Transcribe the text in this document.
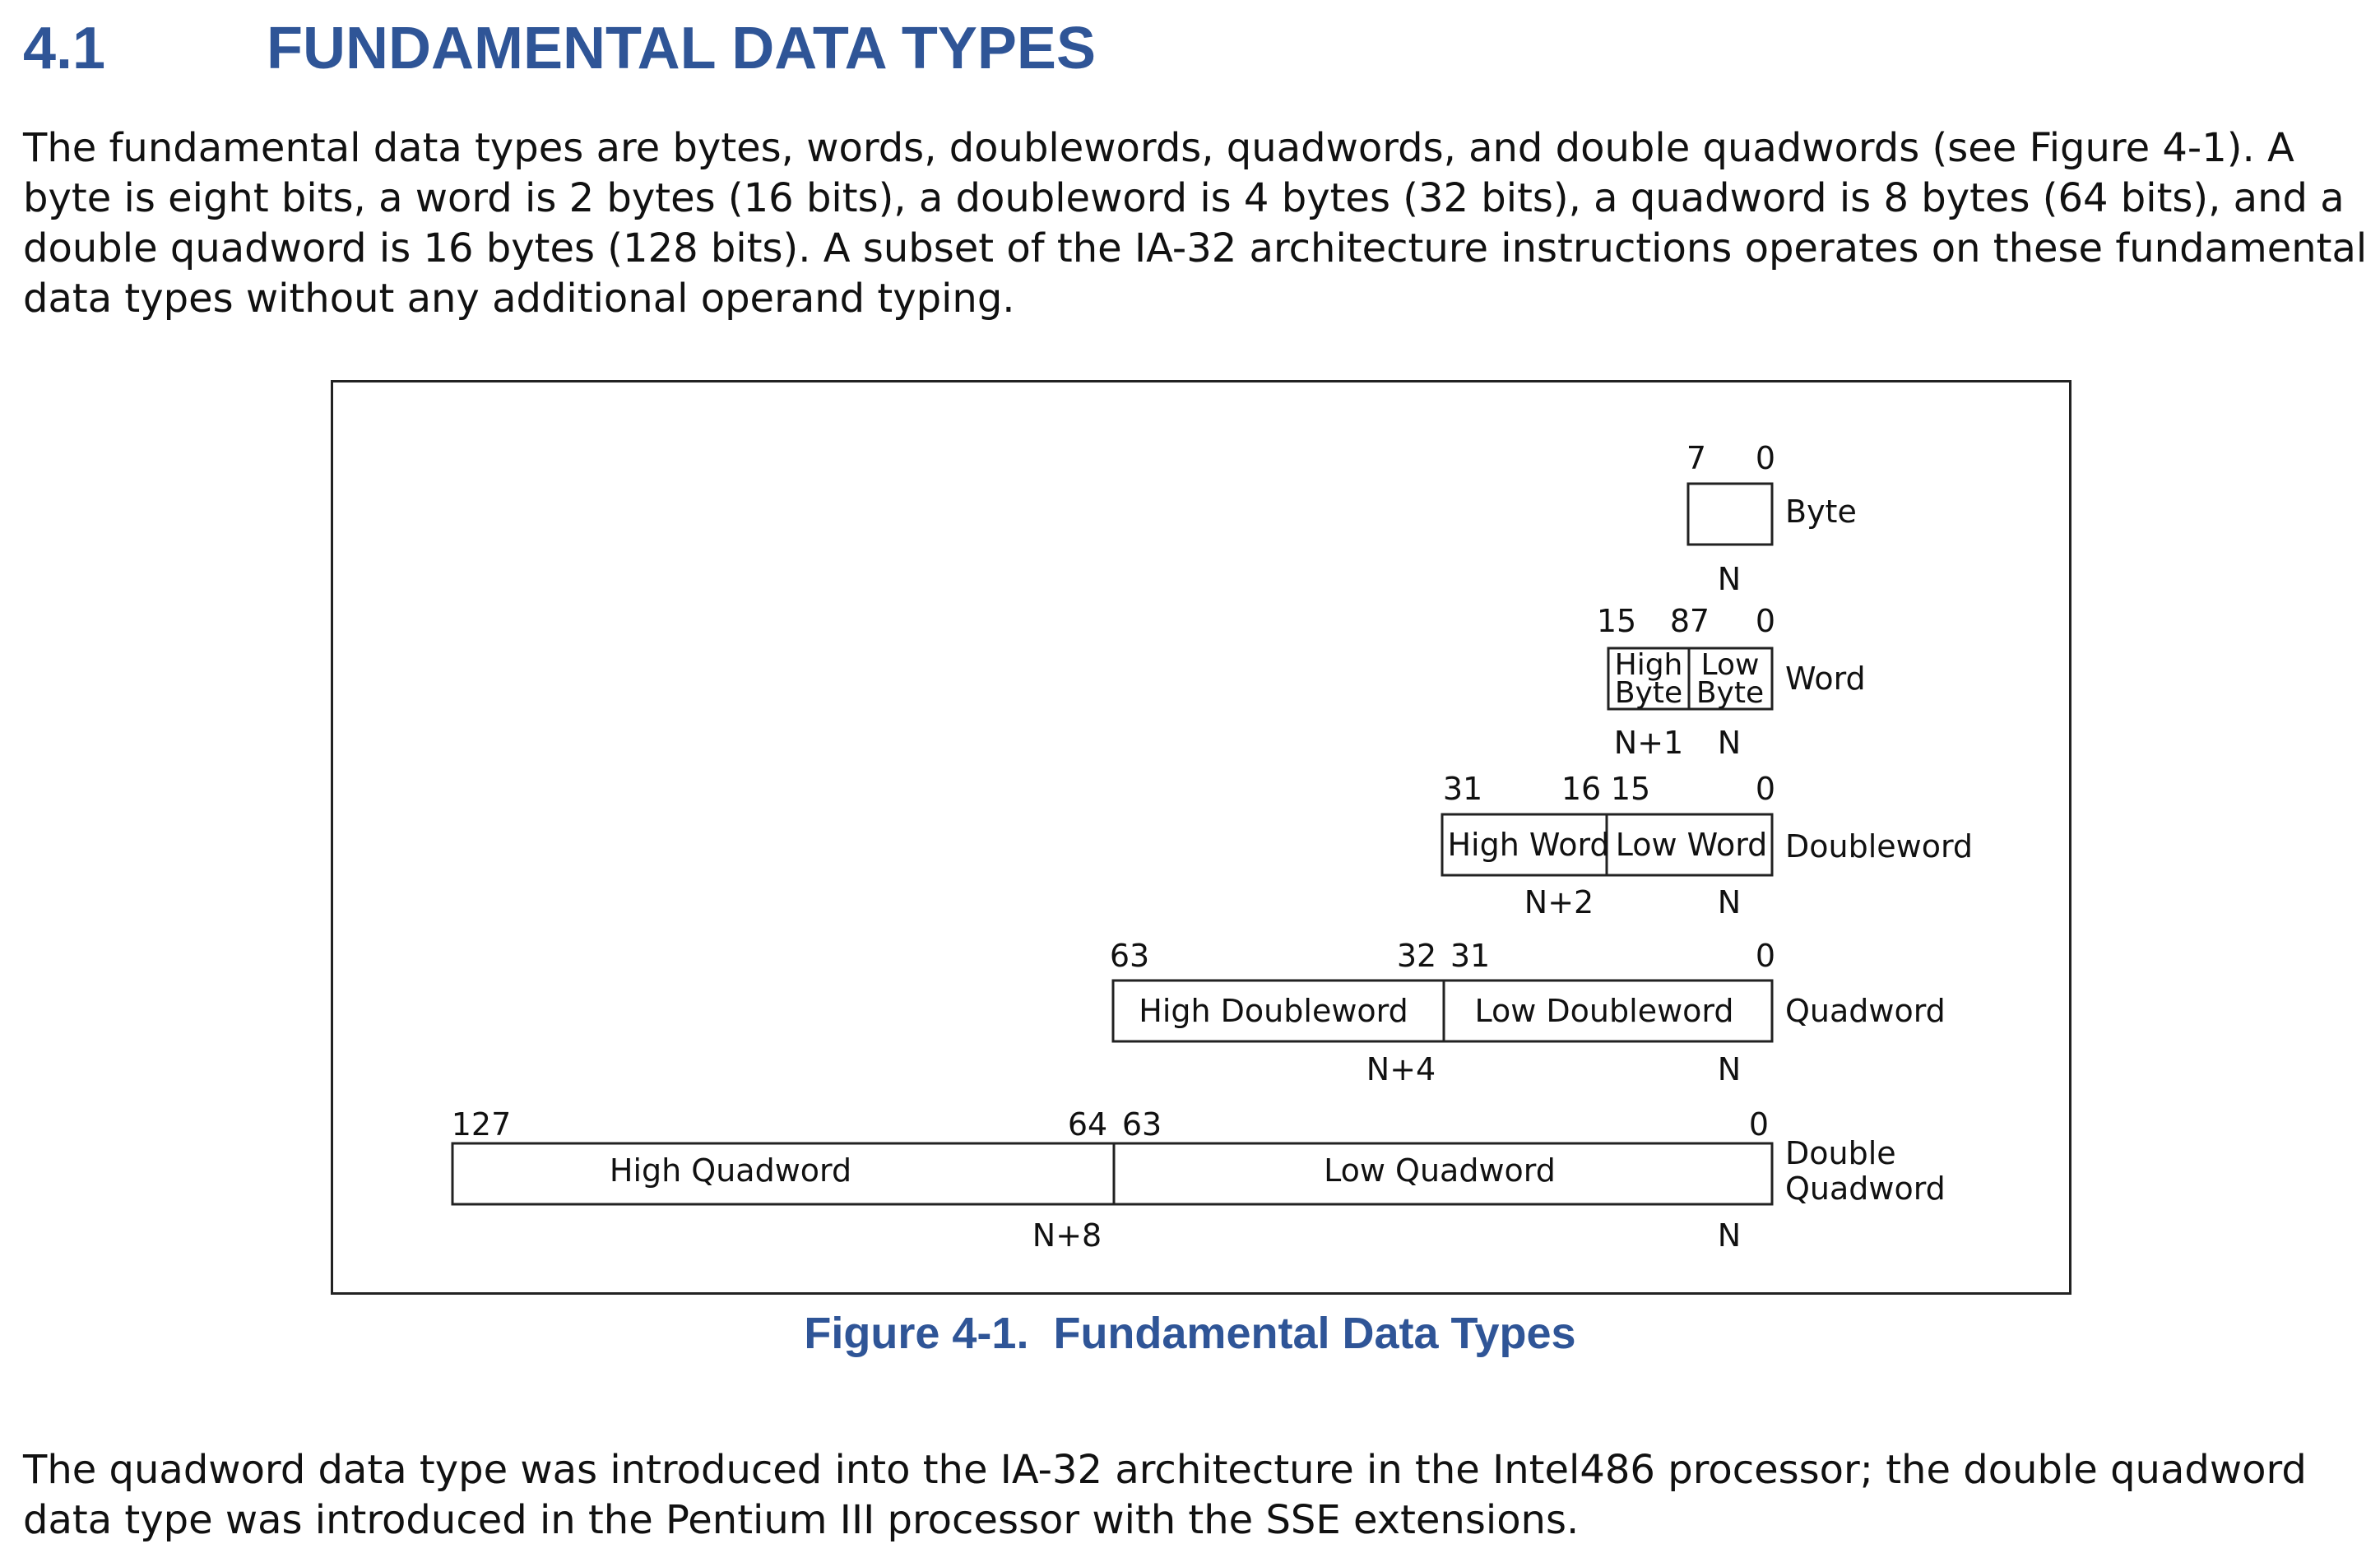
4.1	FUNDAMENTAL DATA TYPES

The fundamental data types are bytes, words, doublewords, quadwords, and double quadwords (see Figure 4-1). A byte is eight bits, a word is 2 bytes (16 bits), a doubleword is 4 bytes (32 bits), a quadword is 8 bytes (64 bits), and a double quadword is 16 bytes (128 bits). A subset of the IA-32 architecture instructions operates on these fundamental data types without any additional operand typing.

7 0
Byte
N
15 8 7 0
High
Byte
Low
Byte Word
N+1 N
31	16 15	0
High Word Low Word Doubleword
N+2	N
63	32 31	0
High Doubleword Low Doubleword Quadword
N+4	N
127	64 63	0
High Quadword	Low Quadword	Double
Quadword
N+8	N
Figure 4-1. Fundamental Data Types

The quadword data type was introduced into the IA-32 architecture in the Intel486 processor; the double quadword data type was introduced in the Pentium III processor with the SSE extensions.
